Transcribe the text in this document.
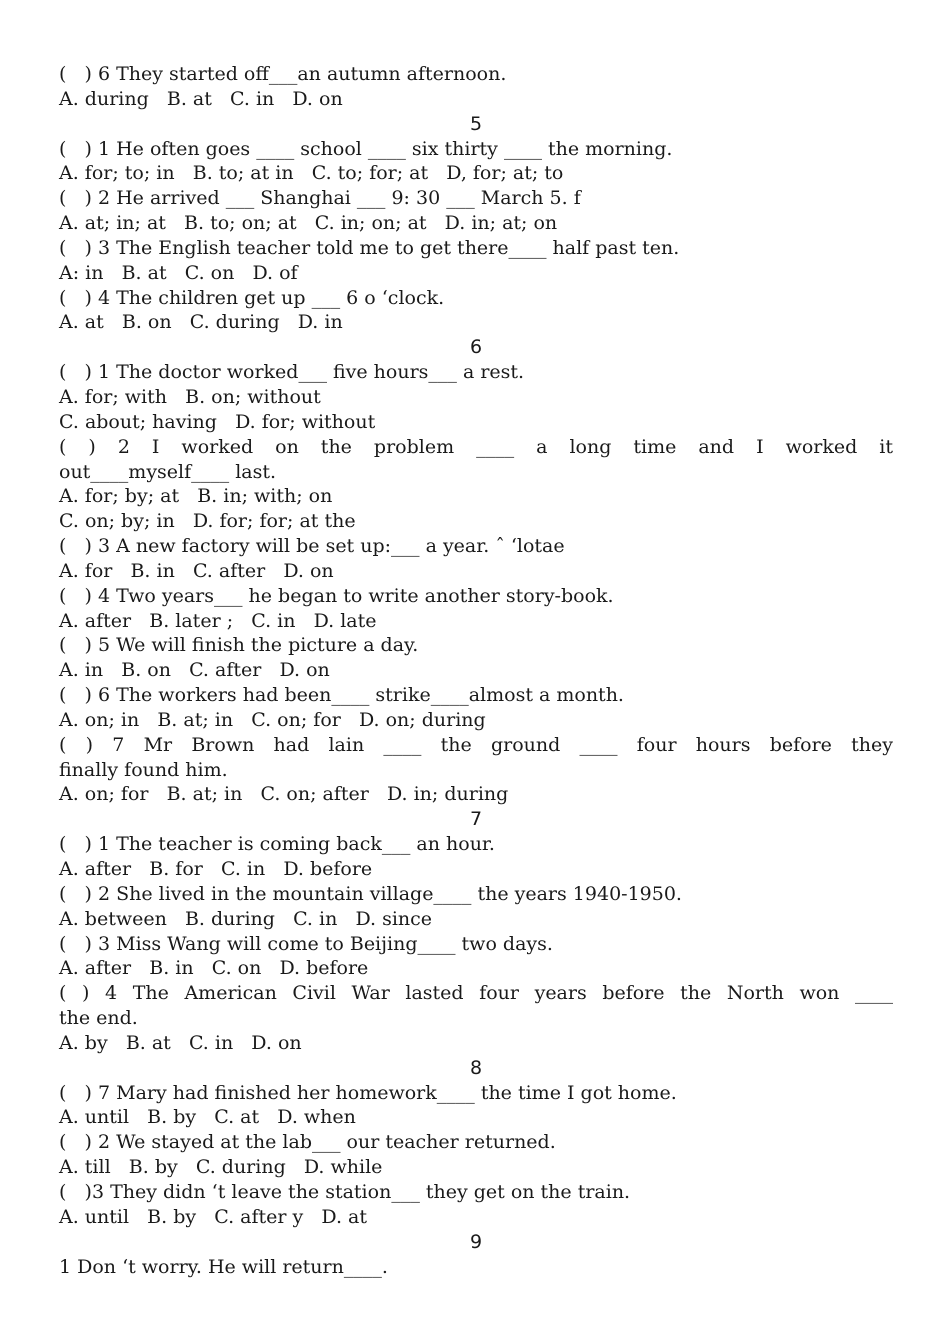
(   ) 6 They started off___an autumn afternoon.
A. during   B. at   C. in   D. on
5
(   ) 1 He often goes ____ school ____ six thirty ____ the morning.
A. for; to; in   B. to; at in   C. to; for; at   D, for; at; to
(   ) 2 He arrived ___ Shanghai ___ 9: 30 ___ March 5. f
A. at; in; at   B. to; on; at   C. in; on; at   D. in; at; on
(   ) 3 The English teacher told me to get there____ half past ten.
A: in   B. at   C. on   D. of
(   ) 4 The children get up ___ 6 o ‘clock.
A. at   B. on   C. during   D. in
6
(   ) 1 The doctor worked___ five hours___ a rest.
A. for; with   B. on; without
C. about; having   D. for; without
( ) 2 I worked on the problem ____ a long time and I worked it
out____myself____ last.
A. for; by; at   B. in; with; on
C. on; by; in   D. for; for; at the
(   ) 3 A new factory will be set up:___ a year. ˆ ‘lotae
A. for   B. in   C. after   D. on
(   ) 4 Two years___ he began to write another story-book.
A. after   B. later ;   C. in   D. late
(   ) 5 We will finish the picture a day.
A. in   B. on   C. after   D. on
(   ) 6 The workers had been____ strike____almost a month.
A. on; in   B. at; in   C. on; for   D. on; during
( ) 7 Mr Brown had lain ____ the ground ____ four hours before they
finally found him.
A. on; for   B. at; in   C. on; after   D. in; during
7
(   ) 1 The teacher is coming back___ an hour.
A. after   B. for   C. in   D. before
(   ) 2 She lived in the mountain village____ the years 1940-1950.
A. between   B. during   C. in   D. since
(   ) 3 Miss Wang will come to Beijing____ two days.
A. after   B. in   C. on   D. before
( ) 4 The American Civil War lasted four years before the North won ____
the end.
A. by   B. at   C. in   D. on
8
(   ) 7 Mary had finished her homework____ the time I got home.
A. until   B. by   C. at   D. when
(   ) 2 We stayed at the lab___ our teacher returned.
A. till   B. by   C. during   D. while
(   )3 They didn ‘t leave the station___ they get on the train.
A. until   B. by   C. after y   D. at
9
1 Don ‘t worry. He will return____.
